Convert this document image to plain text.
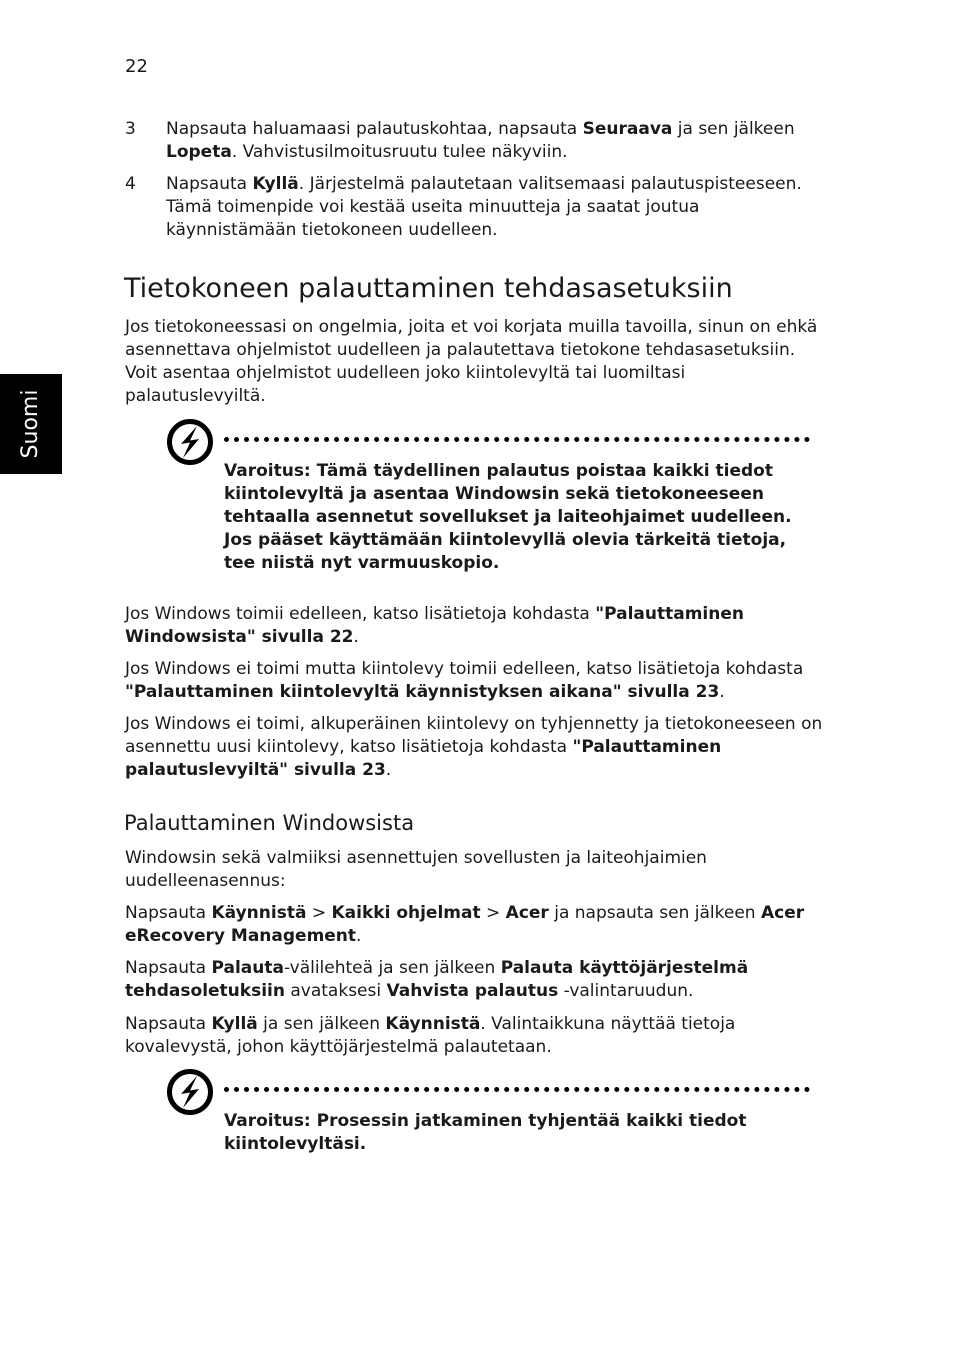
22
Suomi
3 Napsauta haluamaasi palautuskohtaa, napsauta Seuraava ja sen jälkeen Lopeta. Vahvistusilmoitusruutu tulee näkyviin.
4 Napsauta Kyllä. Järjestelmä palautetaan valitsemaasi palautuspisteeseen. Tämä toimenpide voi kestää useita minuutteja ja saatat joutua käynnistämään tietokoneen uudelleen.
Tietokoneen palauttaminen tehdasasetuksiin
Jos tietokoneessasi on ongelmia, joita et voi korjata muilla tavoilla, sinun on ehkä asennettava ohjelmistot uudelleen ja palautettava tietokone tehdasasetuksiin. Voit asentaa ohjelmistot uudelleen joko kiintolevyltä tai luomiltasi palautuslevyiltä.
Varoitus: Tämä täydellinen palautus poistaa kaikki tiedot kiintolevyltä ja asentaa Windowsin sekä tietokoneeseen tehtaalla asennetut sovellukset ja laiteohjaimet uudelleen. Jos pääset käyttämään kiintolevyllä olevia tärkeitä tietoja, tee niistä nyt varmuuskopio.
Jos Windows toimii edelleen, katso lisätietoja kohdasta "Palauttaminen Windowsista" sivulla 22.
Jos Windows ei toimi mutta kiintolevy toimii edelleen, katso lisätietoja kohdasta "Palauttaminen kiintolevyltä käynnistyksen aikana" sivulla 23.
Jos Windows ei toimi, alkuperäinen kiintolevy on tyhjennetty ja tietokoneeseen on asennettu uusi kiintolevy, katso lisätietoja kohdasta "Palauttaminen palautuslevyiltä" sivulla 23.
Palauttaminen Windowsista
Windowsin sekä valmiiksi asennettujen sovellusten ja laiteohjaimien uudelleenasennus:
Napsauta Käynnistä > Kaikki ohjelmat > Acer ja napsauta sen jälkeen Acer eRecovery Management.
Napsauta Palauta-välilehteä ja sen jälkeen Palauta käyttöjärjestelmä tehdasoletuksiin avataksesi Vahvista palautus -valintaruudun.
Napsauta Kyllä ja sen jälkeen Käynnistä. Valintaikkuna näyttää tietoja kovalevystä, johon käyttöjärjestelmä palautetaan.
Varoitus: Prosessin jatkaminen tyhjentää kaikki tiedot kiintolevyltäsi.
